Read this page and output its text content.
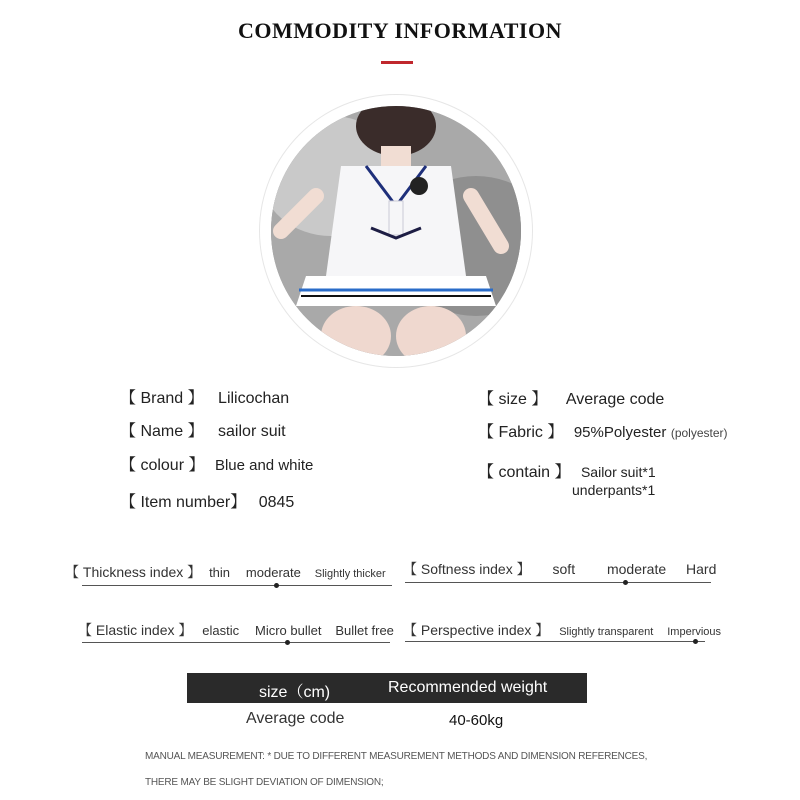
COMMODITY INFORMATION
【 Brand 】 Lilicochan
【 Name 】 sailor suit
【 colour 】 Blue and white
【 Item number】 0845
【 size 】 Average code
【 Fabric 】 95%Polyester (polyester)
【 contain 】 Sailor suit*1
underpants*1
【 Thickness index 】 thin moderate Slightly thicker 【 Softness index 】 soft moderate Hard
【 Elastic index 】 elastic Micro bullet Bullet free 【 Perspective index 】 Slightly transparent Impervious
size（cm)	Recommended weight
Average code	40-60kg
MANUAL MEASUREMENT: * DUE TO DIFFERENT MEASUREMENT METHODS AND DIMENSION REFERENCES,
THERE MAY BE SLIGHT DEVIATION OF DIMENSION;
